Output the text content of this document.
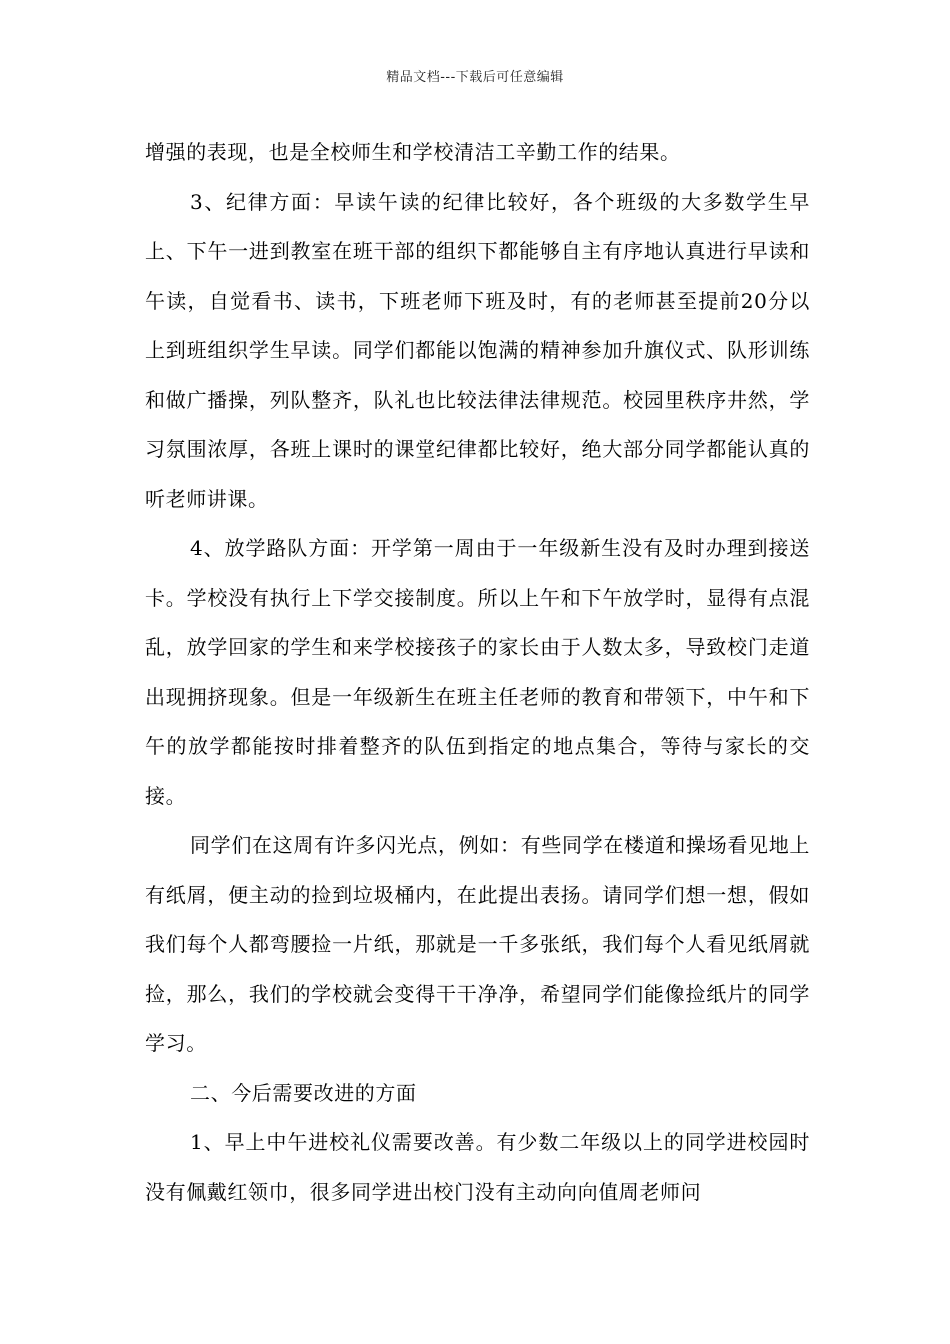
精品文档---下载后可任意编辑

增强的表现，也是全校师生和学校清洁工辛勤工作的结果。

3、纪律方面：早读午读的纪律比较好，各个班级的大多数学生早上、下午一进到教室在班干部的组织下都能够自主有序地认真进行早读和午读，自觉看书、读书，下班老师下班及时，有的老师甚至提前20分以上到班组织学生早读。同学们都能以饱满的精神参加升旗仪式、队形训练和做广播操，列队整齐，队礼也比较法律法律规范。校园里秩序井然，学习氛围浓厚，各班上课时的课堂纪律都比较好，绝大部分同学都能认真的听老师讲课。

4、放学路队方面：开学第一周由于一年级新生没有及时办理到接送卡。学校没有执行上下学交接制度。所以上午和下午放学时，显得有点混乱，放学回家的学生和来学校接孩子的家长由于人数太多，导致校门走道出现拥挤现象。但是一年级新生在班主任老师的教育和带领下，中午和下午的放学都能按时排着整齐的队伍到指定的地点集合，等待与家长的交接。

同学们在这周有许多闪光点，例如：有些同学在楼道和操场看见地上有纸屑，便主动的捡到垃圾桶内，在此提出表扬。请同学们想一想，假如我们每个人都弯腰捡一片纸，那就是一千多张纸，我们每个人看见纸屑就捡，那么，我们的学校就会变得干干净净，希望同学们能像捡纸片的同学学习。

二、今后需要改进的方面

1、早上中午进校礼仪需要改善。有少数二年级以上的同学进校园时没有佩戴红领巾，很多同学进出校门没有主动向向值周老师问
